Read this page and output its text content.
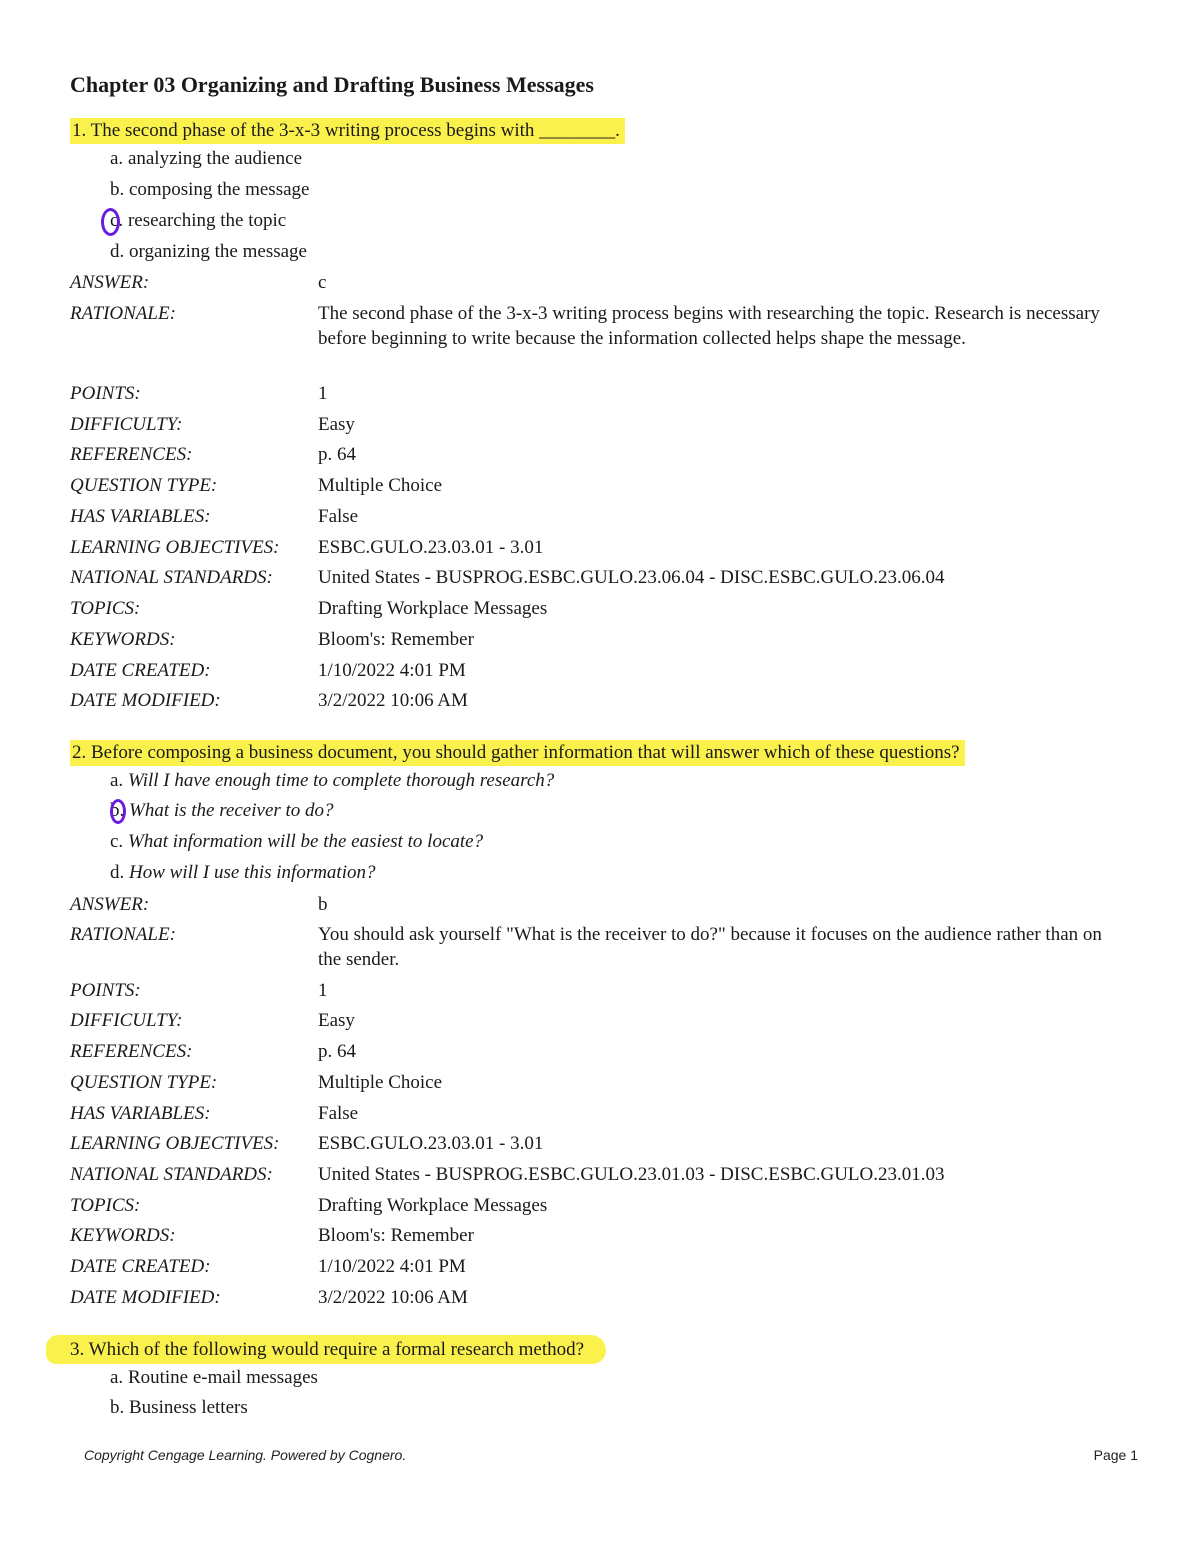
Chapter 03 Organizing and Drafting Business Messages
1. The second phase of the 3-x-3 writing process begins with ________.
a. analyzing the audience
b. composing the message
c. researching the topic
d. organizing the message
ANSWER:	c
RATIONALE:	The second phase of the 3-x-3 writing process begins with researching the topic. Research is necessary before beginning to write because the information collected helps shape the message.
POINTS:	1
DIFFICULTY:	Easy
REFERENCES:	p. 64
QUESTION TYPE:	Multiple Choice
HAS VARIABLES:	False
LEARNING OBJECTIVES: ESBC.GULO.23.03.01 - 3.01
NATIONAL STANDARDS: United States - BUSPROG.ESBC.GULO.23.06.04 - DISC.ESBC.GULO.23.06.04
TOPICS:	Drafting Workplace Messages
KEYWORDS:	Bloom's: Remember
DATE CREATED:	1/10/2022 4:01 PM
DATE MODIFIED:	3/2/2022 10:06 AM
2. Before composing a business document, you should gather information that will answer which of these questions?
a. Will I have enough time to complete thorough research?
b. What is the receiver to do?
c. What information will be the easiest to locate?
d. How will I use this information?
ANSWER:	b
RATIONALE:	You should ask yourself "What is the receiver to do?" because it focuses on the audience rather than on the sender.
POINTS:	1
DIFFICULTY:	Easy
REFERENCES:	p. 64
QUESTION TYPE:	Multiple Choice
HAS VARIABLES:	False
LEARNING OBJECTIVES: ESBC.GULO.23.03.01 - 3.01
NATIONAL STANDARDS: United States - BUSPROG.ESBC.GULO.23.01.03 - DISC.ESBC.GULO.23.01.03
TOPICS:	Drafting Workplace Messages
KEYWORDS:	Bloom's: Remember
DATE CREATED:	1/10/2022 4:01 PM
DATE MODIFIED:	3/2/2022 10:06 AM
3. Which of the following would require a formal research method?
a. Routine e-mail messages
b. Business letters
Copyright Cengage Learning. Powered by Cognero.	Page 1
